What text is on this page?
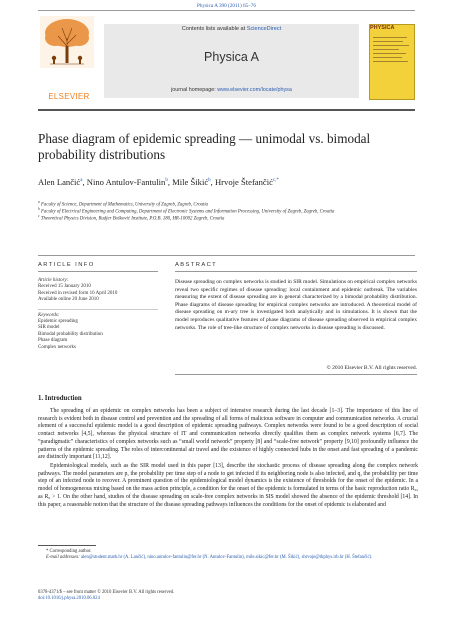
Physica A 390 (2011) 65–76
ELSEVIER
Contents lists available at ScienceDirect
Physica A
journal homepage: www.elsevier.com/locate/physa
PHYSICA
Phase diagram of epidemic spreading — unimodal vs. bimodal probability distributions
Alen Lančić$^a$, Nino Antulov-Fantulin$^b$, Mile Šikić$^b$, Hrvoje Štefančić$^{c,*}$
$^a$ Faculty of Science, Department of Mathematics, University of Zagreb, Zagreb, Croatia
$^b$ Faculty of Electrical Engineering and Computing, Department of Electronic Systems and Information Processing, University of Zagreb, Zagreb, Croatia
$^c$ Theoretical Physics Division, Rudjer Bošković Institute, P.O.B. 180, HR-10002 Zagreb, Croatia
ARTICLE INFO	ABSTRACT
Article history:
Received 15 January 2010
Received in revised form 16 April 2010
Available online 20 June 2010
Keywords:
Epidemic spreading
SIR model
Bimodal probability distribution
Phase diagram
Complex networks
Disease spreading on complex networks is studied in SIR model. Simulations on empirical complex networks reveal two specific regimes of disease spreading: local containment and epidemic outbreak. The variables measuring the extent of disease spreading are in general characterized by a bimodal probability distribution. Phase diagrams of disease spreading for empirical complex networks are introduced. A theoretical model of disease spreading on m-ary tree is investigated both analytically and in simulations. It is shown that the model reproduces qualitative features of phase diagrams of disease spreading observed in empirical complex networks. The role of tree-like structure of complex networks in disease spreading is discussed.
© 2010 Elsevier B.V. All rights reserved.
1. Introduction
The spreading of an epidemic on complex networks has been a subject of intensive research during the last decade [1–3]. The importance of this line of research is evident both in disease control and prevention and the spreading of all forms of malicious software in computer and communication networks. A crucial element of a successful epidemic model is a good description of epidemic spreading pathways. Complex networks were found to be a good description of social contact networks [4,5], whereas the physical structure of IT and communication networks directly qualifies them as complex network systems [6,7]. The “paradigmatic” characteristics of complex networks such as “small world network” property [8] and “scale-free network” property [9,10] profoundly influence the patterns of the epidemic spreading. The roles of intercontinental air travel and the existence of highly connected hubs in the onset and fast spreading of a pandemic are distinctly important [11,12].
Epidemiological models, such as the SIR model used in this paper [13], describe the stochastic process of disease spreading along the complex network pathways. The model parameters are p, the probability per time step of a node to get infected if its neighboring node is also infected, and q, the probability per time step of an infected node to recover. A prominent question of the epidemiological model dynamics is the existence of thresholds for the onset of the epidemic. In a model of homogeneous mixing based on the mass action principle, a condition for the onset of the epidemic is formulated in terms of the basic reproduction ratio R₀, as R₀ > 1. On the other hand, studies of the disease spreading on scale-free complex networks in SIS model showed the absence of the epidemic threshold [14]. In this paper, a reasonable notion that the structure of the disease spreading pathways influences the conditions for the onset of epidemic is elaborated and
* Corresponding author.
E-mail addresses: alen@student.math.hr (A. Lančić), nino.antulov-fantulin@fer.hr (N. Antulov-Fantulin), mile.sikic@fer.hr (M. Šikić), shrvoje@thphys.irb.hr (H. Štefančić).
0378-4371/$ – see front matter © 2010 Elsevier B.V. All rights reserved.
doi:10.1016/j.physa.2010.06.024
